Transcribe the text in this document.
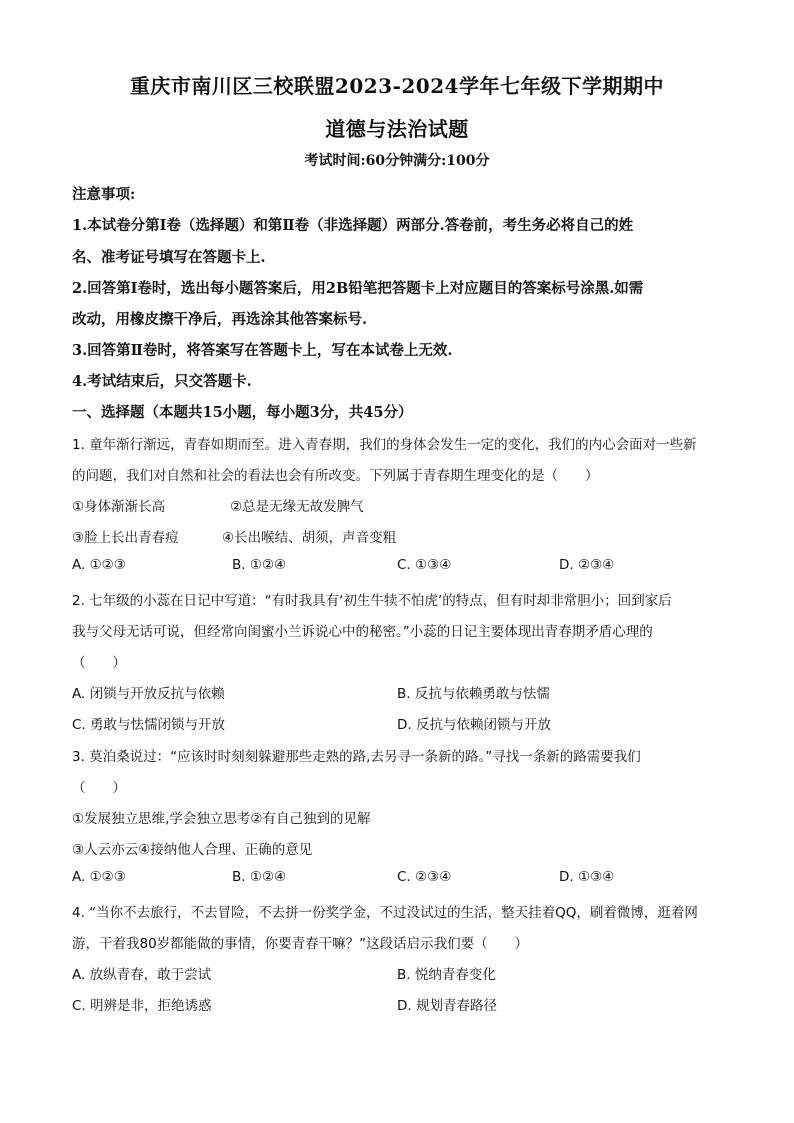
重庆市南川区三校联盟2023-2024学年七年级下学期期中
道德与法治试题
考试时间:60分钟满分:100分
注意事项:
1.本试卷分第Ⅰ卷（选择题）和第Ⅱ卷（非选择题）两部分.答卷前，考生务必将自己的姓
名、准考证号填写在答题卡上.
2.回答第Ⅰ卷时，选出每小题答案后，用2B铅笔把答题卡上对应题目的答案标号涂黑.如需
改动，用橡皮擦干净后，再选涂其他答案标号.
3.回答第Ⅱ卷时，将答案写在答题卡上，写在本试卷上无效.
4.考试结束后，只交答题卡.
一、选择题（本题共15小题，每小题3分，共45分）
1. 童年渐行渐远，青春如期而至。进入青春期，我们的身体会发生一定的变化，我们的内心会面对一些新
的问题，我们对自然和社会的看法也会有所改变。下列属于青春期生理变化的是（　　）
①身体渐渐长高	②总是无缘无故发脾气
③脸上长出青春痘	④长出喉结、胡须，声音变粗
A. ①②③	B. ①②④	C. ①③④	D. ②③④
2. 七年级的小蕊在日记中写道：“有时我具有‘初生牛犊不怕虎’的特点，但有时却非常胆小；回到家后
我与父母无话可说，但经常向闺蜜小兰诉说心中的秘密。”小蕊的日记主要体现出青春期矛盾心理的
（　　）
A. 闭锁与开放反抗与依赖	B. 反抗与依赖勇敢与怯懦
C. 勇敢与怯懦闭锁与开放	D. 反抗与依赖闭锁与开放
3. 莫泊桑说过：“应该时时刻刻躲避那些走熟的路,去另寻一条新的路。”寻找一条新的路需要我们
（　　）
①发展独立思维,学会独立思考②有自己独到的见解
③人云亦云④接纳他人合理、正确的意见
A. ①②③	B. ①②④	C. ②③④	D. ①③④
4. “当你不去旅行，不去冒险，不去拼一份奖学金，不过没试过的生活，整天挂着QQ，刷着微博，逛着网
游，干着我80岁都能做的事情，你要青春干嘛？”这段话启示我们要（　　）
A. 放纵青春，敢于尝试	B. 悦纳青春变化
C. 明辨是非，拒绝诱惑	D. 规划青春路径
